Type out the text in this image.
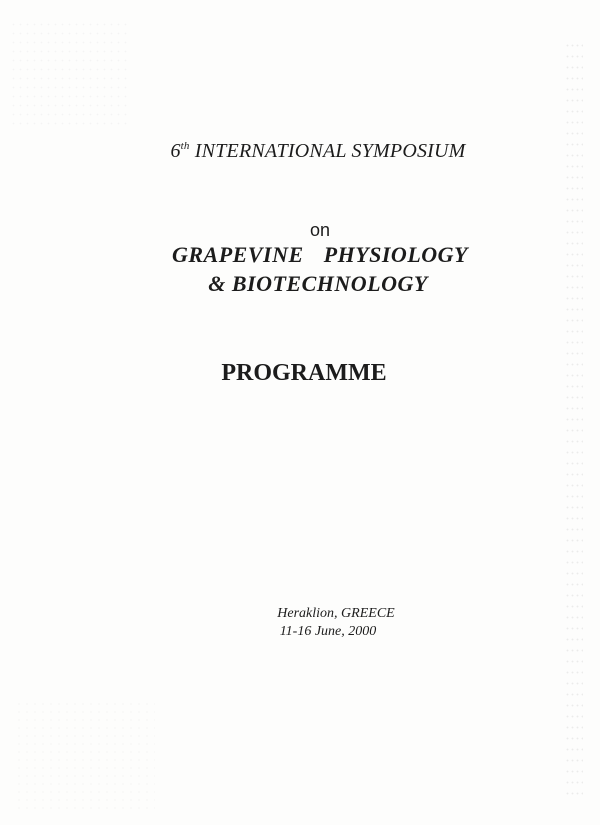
6th INTERNATIONAL SYMPOSIUM
on
GRAPEVINE PHYSIOLOGY
& BIOTECHNOLOGY
PROGRAMME
Heraklion, GREECE
11-16 June, 2000
